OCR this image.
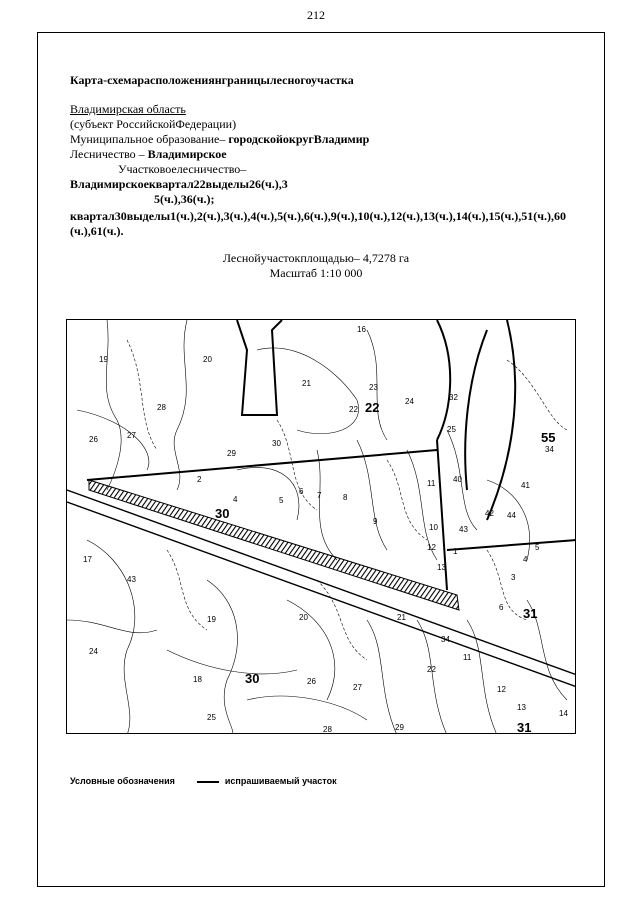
212
Карта-схемарасположениянграницылесногоучастка
Владимирская область
(субъект РоссийскойФедерации)
Муниципальное образование– городскойокругВладимир
Лесничество – Владимирское
Участковоелесничество–
Владимирскоеквартал22выделы26(ч.),3
5(ч.),36(ч.);
квартал30выделы1(ч.),2(ч.),3(ч.),4(ч.),5(ч.),6(ч.),9(ч.),10(ч.),12(ч.),13(ч.),14(ч.),15(ч.),51(ч.),60
(ч.),61(ч.).
Леснойучастокплощадью– 4,7278 га
Масштаб 1:10 000
22
30
55
31
30
31
16
19	20
21	23
24	32
28
27
26
25
29
30
22
34
41
40
4
2
5
7	8
6
11
9
10
12
13
42 44
43
1
17
43
24
19	20
18
25
28
27
26
29
21
22
11
12
13
14
3
6
34
4
5
Условные обозначения	испрашиваемый участок
